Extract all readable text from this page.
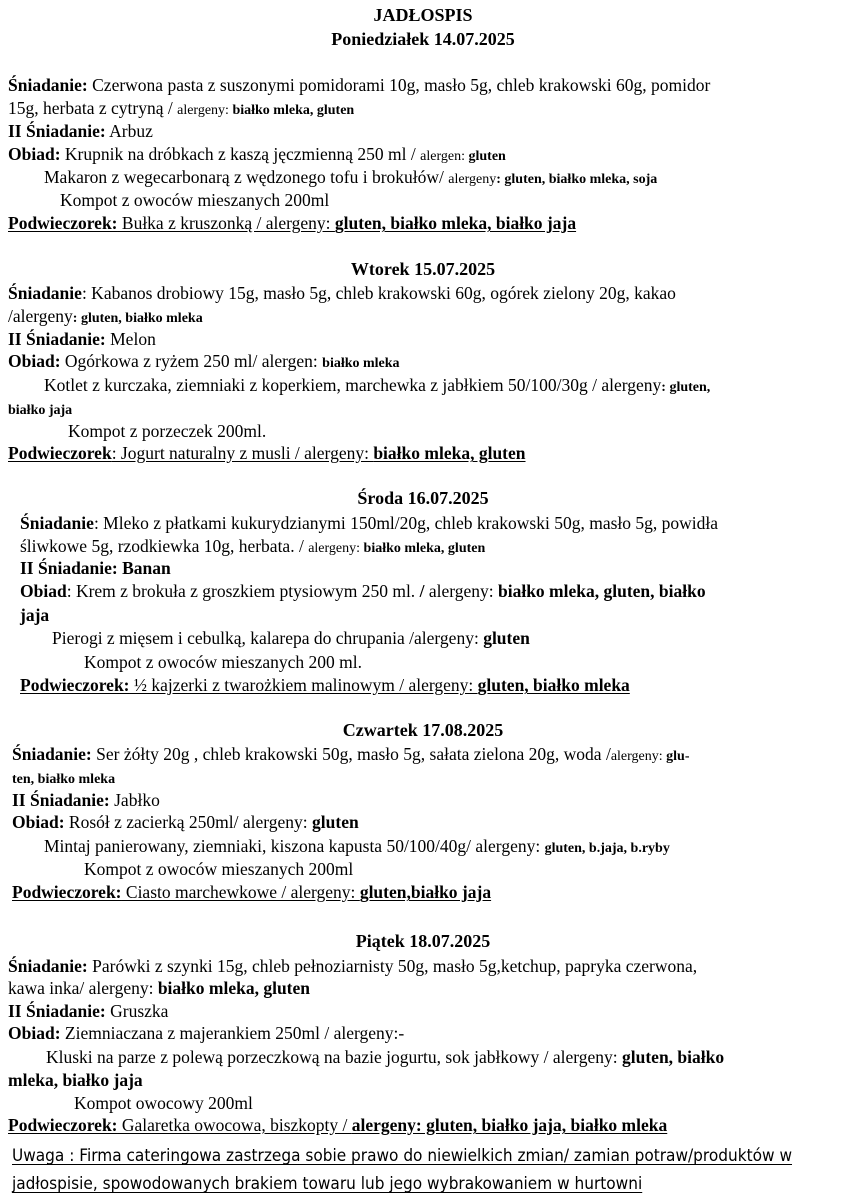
JADŁOSPIS
Poniedziałek 14.07.2025
Śniadanie: Czerwona pasta z suszonymi pomidorami 10g, masło 5g, chleb krakowski 60g, pomidor
15g, herbata z cytryną / alergeny: białko mleka, gluten
II Śniadanie: Arbuz
Obiad: Krupnik na dróbkach z kaszą jęczmienną 250 ml / alergen: gluten
Makaron z wegecarbonarą z wędzonego tofu i brokułów/ alergeny: gluten, białko mleka, soja
Kompot z owoców mieszanych 200ml
Podwieczorek: Bułka z kruszonką / alergeny: gluten, białko mleka, białko jaja
Wtorek 15.07.2025
Śniadanie: Kabanos drobiowy 15g, masło 5g, chleb krakowski 60g, ogórek zielony 20g, kakao
/alergeny: gluten, białko mleka
II Śniadanie: Melon
Obiad: Ogórkowa z ryżem 250 ml/ alergen: białko mleka
Kotlet z kurczaka, ziemniaki z koperkiem, marchewka z jabłkiem 50/100/30g / alergeny: gluten,
białko jaja
Kompot z porzeczek 200ml.
Podwieczorek: Jogurt naturalny z musli / alergeny: białko mleka, gluten
Środa 16.07.2025
Śniadanie: Mleko z płatkami kukurydzianymi 150ml/20g, chleb krakowski 50g, masło 5g, powidła
śliwkowe 5g, rzodkiewka 10g, herbata. / alergeny: białko mleka, gluten
II Śniadanie: Banan
Obiad: Krem z brokuła z groszkiem ptysiowym 250 ml. / alergeny: białko mleka, gluten, białko
jaja
Pierogi z mięsem i cebulką, kalarepa do chrupania /alergeny: gluten
Kompot z owoców mieszanych 200 ml.
Podwieczorek: ½ kajzerki z twarożkiem malinowym / alergeny: gluten, białko mleka
Czwartek 17.08.2025
Śniadanie: Ser żółty 20g , chleb krakowski 50g, masło 5g, sałata zielona 20g, woda /alergeny: glu-
ten, białko mleka
II Śniadanie: Jabłko
Obiad: Rosół z zacierką 250ml/ alergeny: gluten
Mintaj panierowany, ziemniaki, kiszona kapusta 50/100/40g/ alergeny: gluten, b.jaja, b.ryby
Kompot z owoców mieszanych 200ml
Podwieczorek: Ciasto marchewkowe / alergeny: gluten,białko jaja
Piątek 18.07.2025
Śniadanie: Parówki z szynki 15g, chleb pełnoziarnisty 50g, masło 5g,ketchup, papryka czerwona,
kawa inka/ alergeny: białko mleka, gluten
II Śniadanie: Gruszka
Obiad: Ziemniaczana z majerankiem 250ml / alergeny:-
Kluski na parze z polewą porzeczkową na bazie jogurtu, sok jabłkowy / alergeny: gluten, białko
mleka, białko jaja
Kompot owocowy 200ml
Podwieczorek: Galaretka owocowa, biszkopty / alergeny: gluten, białko jaja, białko mleka
Uwaga : Firma cateringowa zastrzega sobie prawo do niewielkich zmian/ zamian potraw/produktów w
jadłospisie, spowodowanych brakiem towaru lub jego wybrakowaniem w hurtowni
